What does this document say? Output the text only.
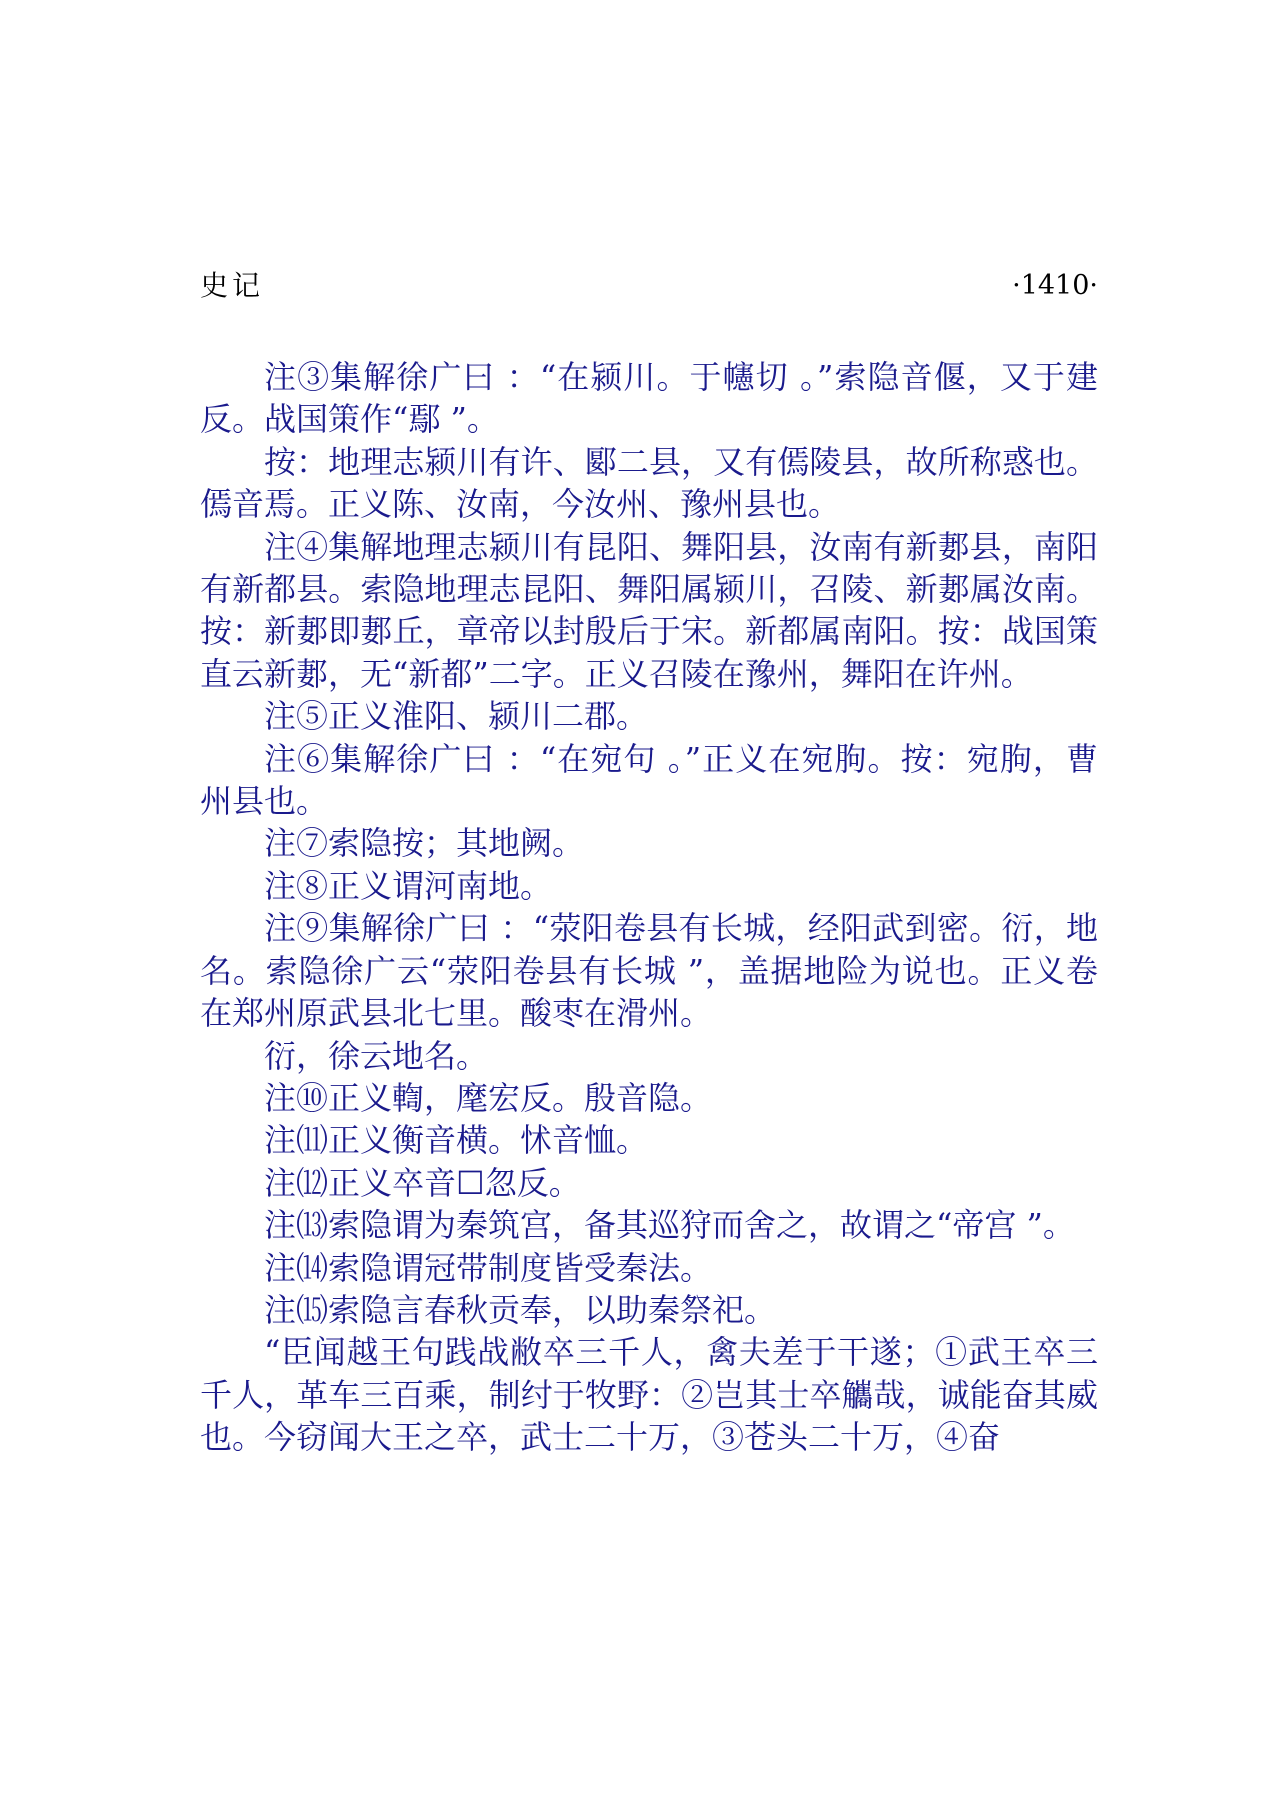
史记	·1410·

注③集解徐广曰 ：“在颍川。于幰切 。”索隐音偃，又于建反。战国策作“鄢 ”。

按：地理志颍川有许、郾二县，又有傿陵县，故所称惑也。傿音焉。正义陈、汝南，今汝州、豫州县也。

注④集解地理志颍川有昆阳、舞阳县，汝南有新郪县，南阳有新都县。索隐地理志昆阳、舞阳属颍川，召陵、新郪属汝南。按：新郪即郪丘，章帝以封殷后于宋。新都属南阳。按：战国策直云新郪，无“新都”二字。正义召陵在豫州，舞阳在许州。

注⑤正义淮阳、颍川二郡。

注⑥集解徐广曰 ：“在宛句 。”正义在宛朐。按：宛朐，曹州县也。

注⑦索隐按；其地阙。

注⑧正义谓河南地。

注⑨集解徐广曰 ：“荥阳卷县有长城，经阳武到密。衍，地名。索隐徐广云“荥阳卷县有长城 ”，盖据地险为说也。正义卷在郑州原武县北七里。酸枣在滑州。

衍，徐云地名。

注⑩正义輷，麾宏反。殷音隐。

注⑾正义衡音横。怵音恤。

注⑿正义卒音☐忽反。

注⒀索隐谓为秦筑宫，备其巡狩而舍之，故谓之“帝宫 ”。

注⒁索隐谓冠带制度皆受秦法。

注⒂索隐言春秋贡奉，以助秦祭祀。

“臣闻越王句践战敝卒三千人，禽夫差于干遂；①武王卒三千人，革车三百乘，制纣于牧野：②岂其士卒觿哉，诚能奋其威也。今窃闻大王之卒，武士二十万，③苍头二十万，④奋
